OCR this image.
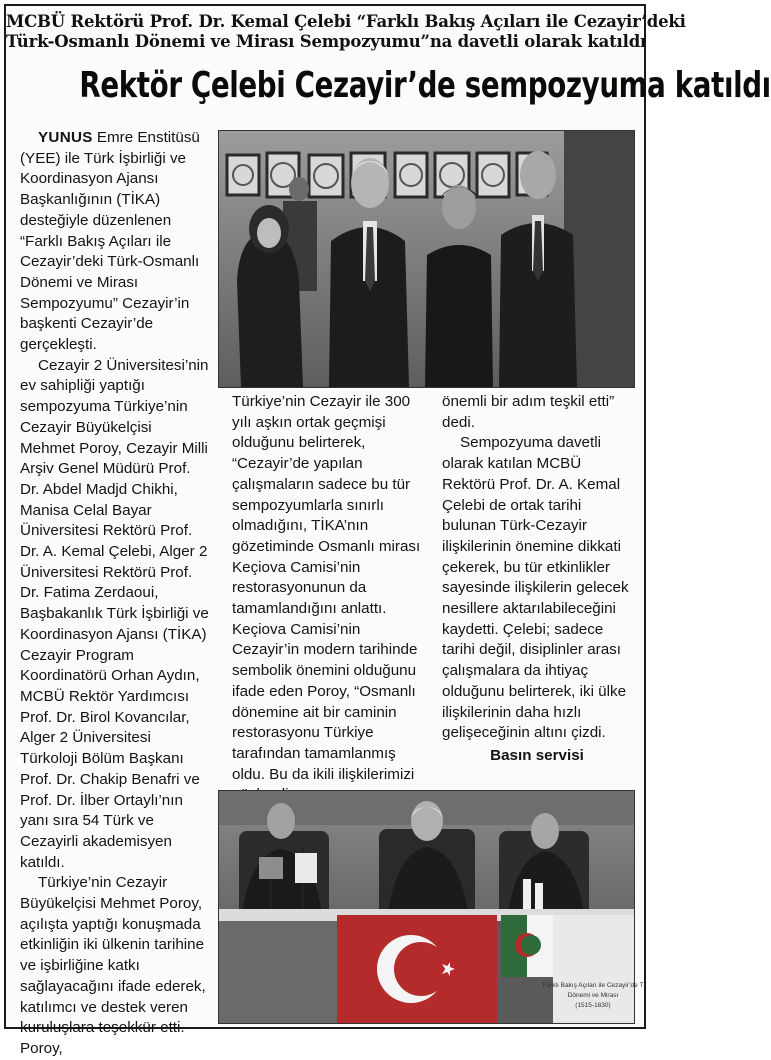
MCBÜ Rektörü Prof. Dr. Kemal Çelebi “Farklı Bakış Açıları ile Cezayir’deki
Türk-Osmanlı Dönemi ve Mirası Sempozyumu”na davetli olarak katıldı
Rektör Çelebi Cezayir’de sempozyuma katıldı

YUNUS Emre Enstitüsü (YEE) ile Türk İşbirliği ve Koordinasyon Ajansı Başkanlığının (TİKA) desteğiyle düzenlenen “Farklı Bakış Açıları ile Cezayir’deki Türk-Osmanlı Dönemi ve Mirası Sempozyumu” Cezayir’in başkenti Cezayir’de gerçekleşti.

Cezayir 2 Üniversitesi’nin ev sahipliği yaptığı sempozyuma Türkiye’nin Cezayir Büyükelçisi Mehmet Poroy, Cezayir Milli Arşiv Genel Müdürü Prof. Dr. Abdel Madjd Chikhi, Manisa Celal Bayar Üniversitesi Rektörü Prof. Dr. A. Kemal Çelebi, Alger 2 Üniversitesi Rektörü Prof. Dr. Fatima Zerdaoui, Başbakanlık Türk İşbirliği ve Koordinasyon Ajansı (TİKA) Cezayir Program Koordinatörü Orhan Aydın, MCBÜ Rektör Yardımcısı Prof. Dr. Birol Kovancılar, Alger 2 Üniversitesi Türkoloji Bölüm Başkanı Prof. Dr. Chakip Benafri ve Prof. Dr. İlber Ortaylı’nın yanı sıra 54 Türk ve Cezayirli akademisyen katıldı.

Türkiye’nin Cezayir Büyükelçisi Mehmet Poroy, açılışta yaptığı konuşmada etkinliğin iki ülkenin tarihine ve işbirliğine katkı sağlayacağını ifade ederek, katılımcı ve destek veren kuruluşlara teşekkür etti. Poroy,

Türkiye’nin Cezayir ile 300 yılı aşkın ortak geçmişi olduğunu belirterek, “Cezayir’de yapılan çalışmaların sadece bu tür sempozyumlarla sınırlı olmadığını, TİKA’nın gözetiminde Osmanlı mirası Keçiova Camisi’nin restorasyonunun da tamamlandığını anlattı. Keçiova Camisi’nin Cezayir’in modern tarihinde sembolik önemini olduğunu ifade eden Poroy, “Osmanlı dönemine ait bir caminin restorasyonu Türkiye tarafından tamamlanmış oldu. Bu da ikili ilişkilerimizi

önemli bir adım teşkil etti” dedi.

Sempozyuma davetli olarak katılan MCBÜ Rektörü Prof. Dr. A. Kemal Çelebi de ortak tarihi bulunan Türk-Cezayir ilişkilerinin önemine dikkati çekerek, bu tür etkinlikler sayesinde ilişkilerin gelecek nesillere aktarılabileceğini kaydetti. Çelebi; sadece tarihi değil, disiplinler arası çalışmalara da ihtiyaç olduğunu belirterek, iki ülke ilişkilerinin daha hızlı gelişeceğinin altını çizdi.

Basın servisi

Farklı Bakış Açıları ile Cezayir’de T
Dönemi ve Mirası
(1515-1830)
